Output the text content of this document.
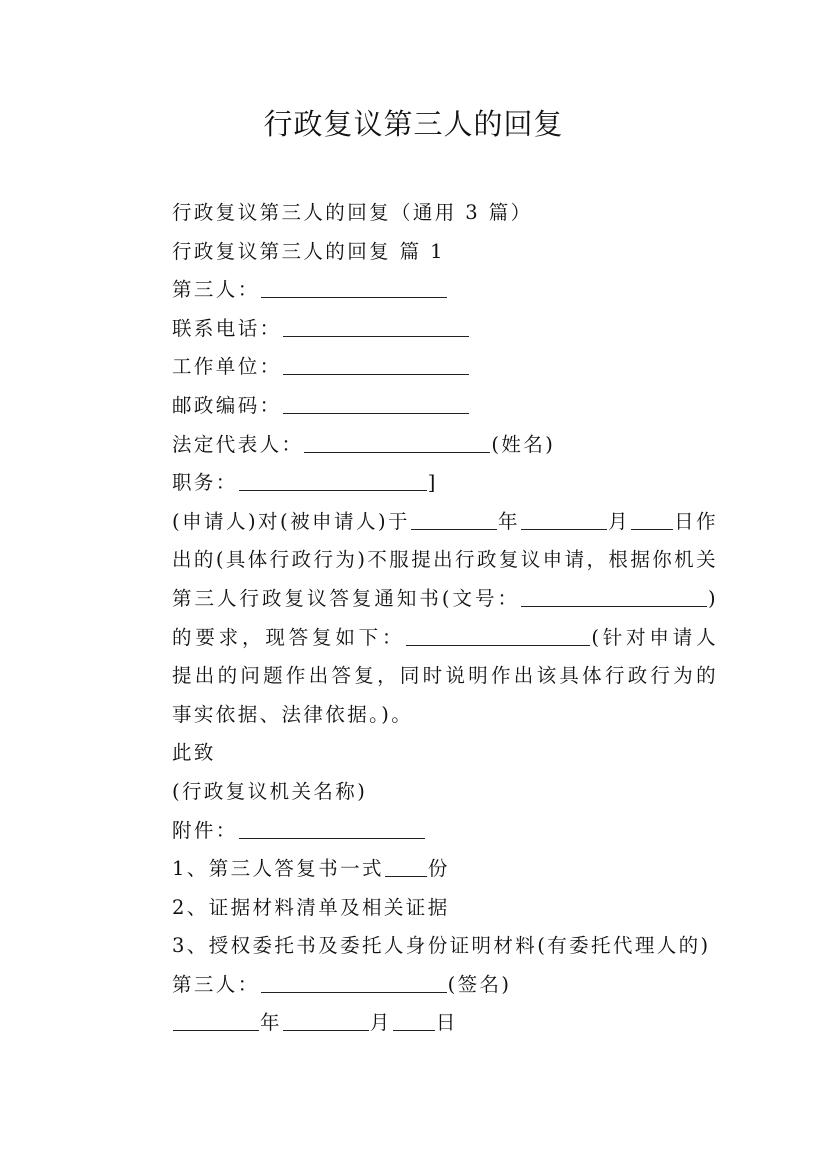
行政复议第三人的回复

行政复议第三人的回复（通用 3 篇）

行政复议第三人的回复 篇 1

第三人：

联系电话：

工作单位：

邮政编码：

法定代表人：	(姓名)

职务：	]

(申请人)对(被申请人)于	年	月 日作出的(具体行政行为)不服提出行政复议申请，根据你机关第三人行政复议答复通知书(文号：	)的要求，现答复如下：	(针对申请人提出的问题作出答复，同时说明作出该具体行政行为的事实依据、法律依据。)。

此致

(行政复议机关名称)

附件：

1、第三人答复书一式 份

2、证据材料清单及相关证据

3、授权委托书及委托人身份证明材料(有委托代理人的)

第三人：	(签名)

年	月 日
